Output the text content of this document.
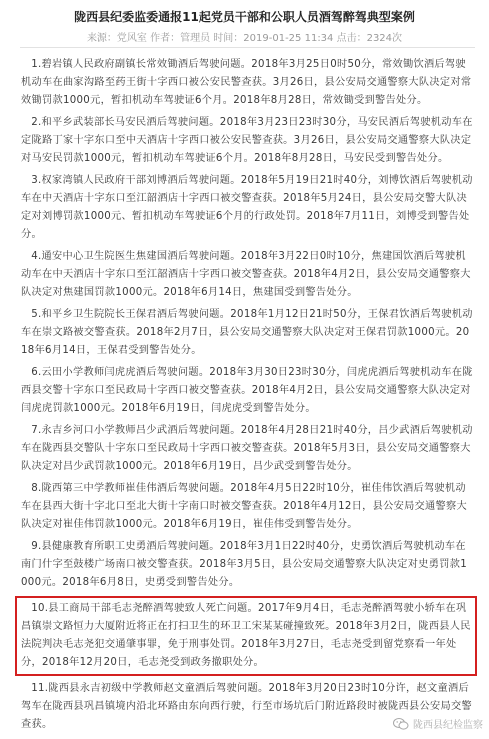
陇西县纪委监委通报11起党员干部和公职人员酒驾醉驾典型案例
来源：党风室 作者：管理员 时间：2019-01-25 11:34 点击：2324次

1.碧岩镇人民政府副镇长常效锄酒后驾驶问题。2018年3月25日0时50分，常效锄饮酒后驾驶机动车在曲家沟路至药王街十字西口被公安民警查获。3月26日，县公安局交通警察大队决定对常效锄罚款1000元，暂扣机动车驾驶证6个月。2018年8月28日，常效锄受到警告处分。

2.和平乡武装部长马安民酒后驾驶问题。2018年3月23日23时30分，马安民酒后驾驶机动车在定陇路丁家十字东口至中天酒店十字西口被公安民警查获。3月26日，县公安局交通警察大队决定对马安民罚款1000元，暂扣机动车驾驶证6个月。2018年8月28日，马安民受到警告处分。

3.权家湾镇人民政府干部刘博酒后驾驶问题。2018年5月19日21时40分，刘博饮酒后驾驶机动车在中天酒店十字东口至江韶酒店十字西口被交警查获。2018年5月24日，县公安局交警大队决定对刘博罚款1000元、暂扣机动车驾驶证6个月的行政处罚。2018年7月11日，刘博受到警告处分。

4.通安中心卫生院医生焦建国酒后驾驶问题。2018年3月22日0时10分，焦建国饮酒后驾驶机动车在中天酒店十字东口至江韶酒店十字西口被交警查获。2018年4月2日，县公安局交通警察大队决定对焦建国罚款1000元。2018年6月14日，焦建国受到警告处分。

5.和平乡卫生院院长王保君酒后驾驶问题。2018年1月12日21时50分，王保君饮酒后驾驶机动车在崇文路被交警查获。2018年2月7日，县公安局交通警察大队决定对王保君罚款1000元。2018年6月14日，王保君受到警告处分。

6.云田小学教师闫虎虎酒后驾驶问题。2018年3月30日23时30分，闫虎虎酒后驾驶机动车在陇西县交警十字东口至民政局十字西口被交警查获。2018年4月2日，县公安局交通警察大队决定对闫虎虎罚款1000元。2018年6月19日，闫虎虎受到警告处分。

7.永吉乡河口小学教师吕少武酒后驾驶问题。2018年4月28日21时40分，吕少武酒后驾驶机动车在陇西县交警队十字东口至民政局十字西口被交警查获。2018年5月3日，县公安局交通警察大队决定对吕少武罚款1000元。2018年6月19日，吕少武受到警告处分。

8.陇西第三中学教师崔佳伟酒后驾驶问题。2018年4月5日22时10分，崔佳伟饮酒后驾驶机动车在县西大街十字北口至北大街十字南口时被交警查获。2018年4月12日，县公安局交通警察大队决定对崔佳伟罚款1000元。2018年6月19日，崔佳伟受到警告处分。

9.县健康教育所职工史勇酒后驾驶问题。2018年3月1日22时40分，史勇饮酒后驾驶机动车在南门什字至鼓楼广场南口被交警查获。2018年3月5日，县公安局交通警察大队决定对史勇罚款1000元。2018年6月8日，史勇受到警告处分。

10.县工商局干部毛志尧醉酒驾驶致人死亡问题。2017年9月4日，毛志尧醉酒驾驶小轿车在巩昌镇崇文路恒力大厦附近将正在打扫卫生的环卫工宋某某碰撞致死。2018年3月2日，陇西县人民法院判决毛志尧犯交通肇事罪，免于刑事处罚。2018年3月27日，毛志尧受到留党察看一年处分，2018年12月20日，毛志尧受到政务撤职处分。

11.陇西县永吉初级中学教师赵文童酒后驾驶问题。2018年3月20日23时10分许，赵文童酒后驾车在陇西县巩昌镇境内沿北环路由东向西行驶，行至市场坑后门附近路段时被陇西县公安局交警查获。	陇西县纪检监察
